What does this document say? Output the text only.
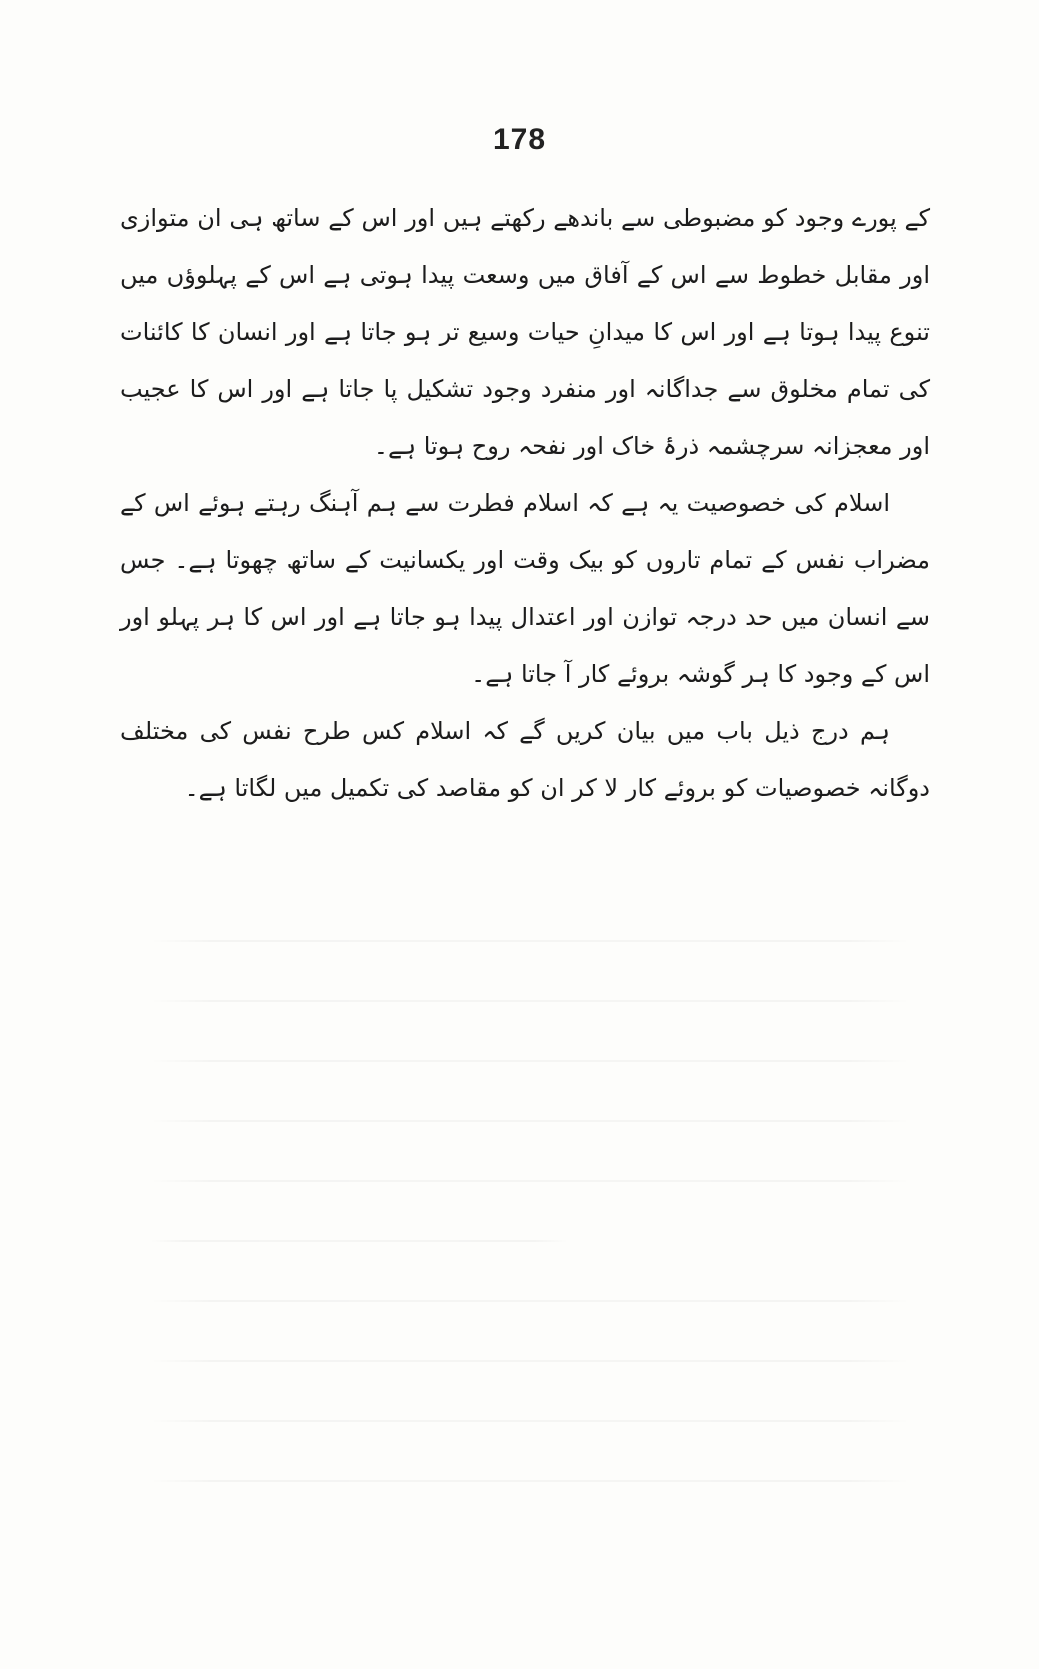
178

کے پورے وجود کو مضبوطی سے باندھے رکھتے ہیں اور اس کے ساتھ ہی ان متوازی اور مقابل خطوط سے اس کے آفاق میں وسعت پیدا ہوتی ہے اس کے پہلوؤں میں تنوع پیدا ہوتا ہے اور اس کا میدانِ حیات وسیع تر ہو جاتا ہے اور انسان کا کائنات کی تمام مخلوق سے جداگانہ اور منفرد وجود تشکیل پا جاتا ہے اور اس کا عجیب اور معجزانہ سرچشمہ ذرۂ خاک اور نفحہ روح ہوتا ہے۔

اسلام کی خصوصیت یہ ہے کہ اسلام فطرت سے ہم آہنگ رہتے ہوئے اس کے مضراب نفس کے تمام تاروں کو بیک وقت اور یکسانیت کے ساتھ چھوتا ہے۔ جس سے انسان میں حد درجہ توازن اور اعتدال پیدا ہو جاتا ہے اور اس کا ہر پہلو اور اس کے وجود کا ہر گوشہ بروئے کار آ جاتا ہے۔

ہم درج ذیل باب میں بیان کریں گے کہ اسلام کس طرح نفس کی مختلف دوگانہ خصوصیات کو بروئے کار لا کر ان کو مقاصد کی تکمیل میں لگاتا ہے۔
